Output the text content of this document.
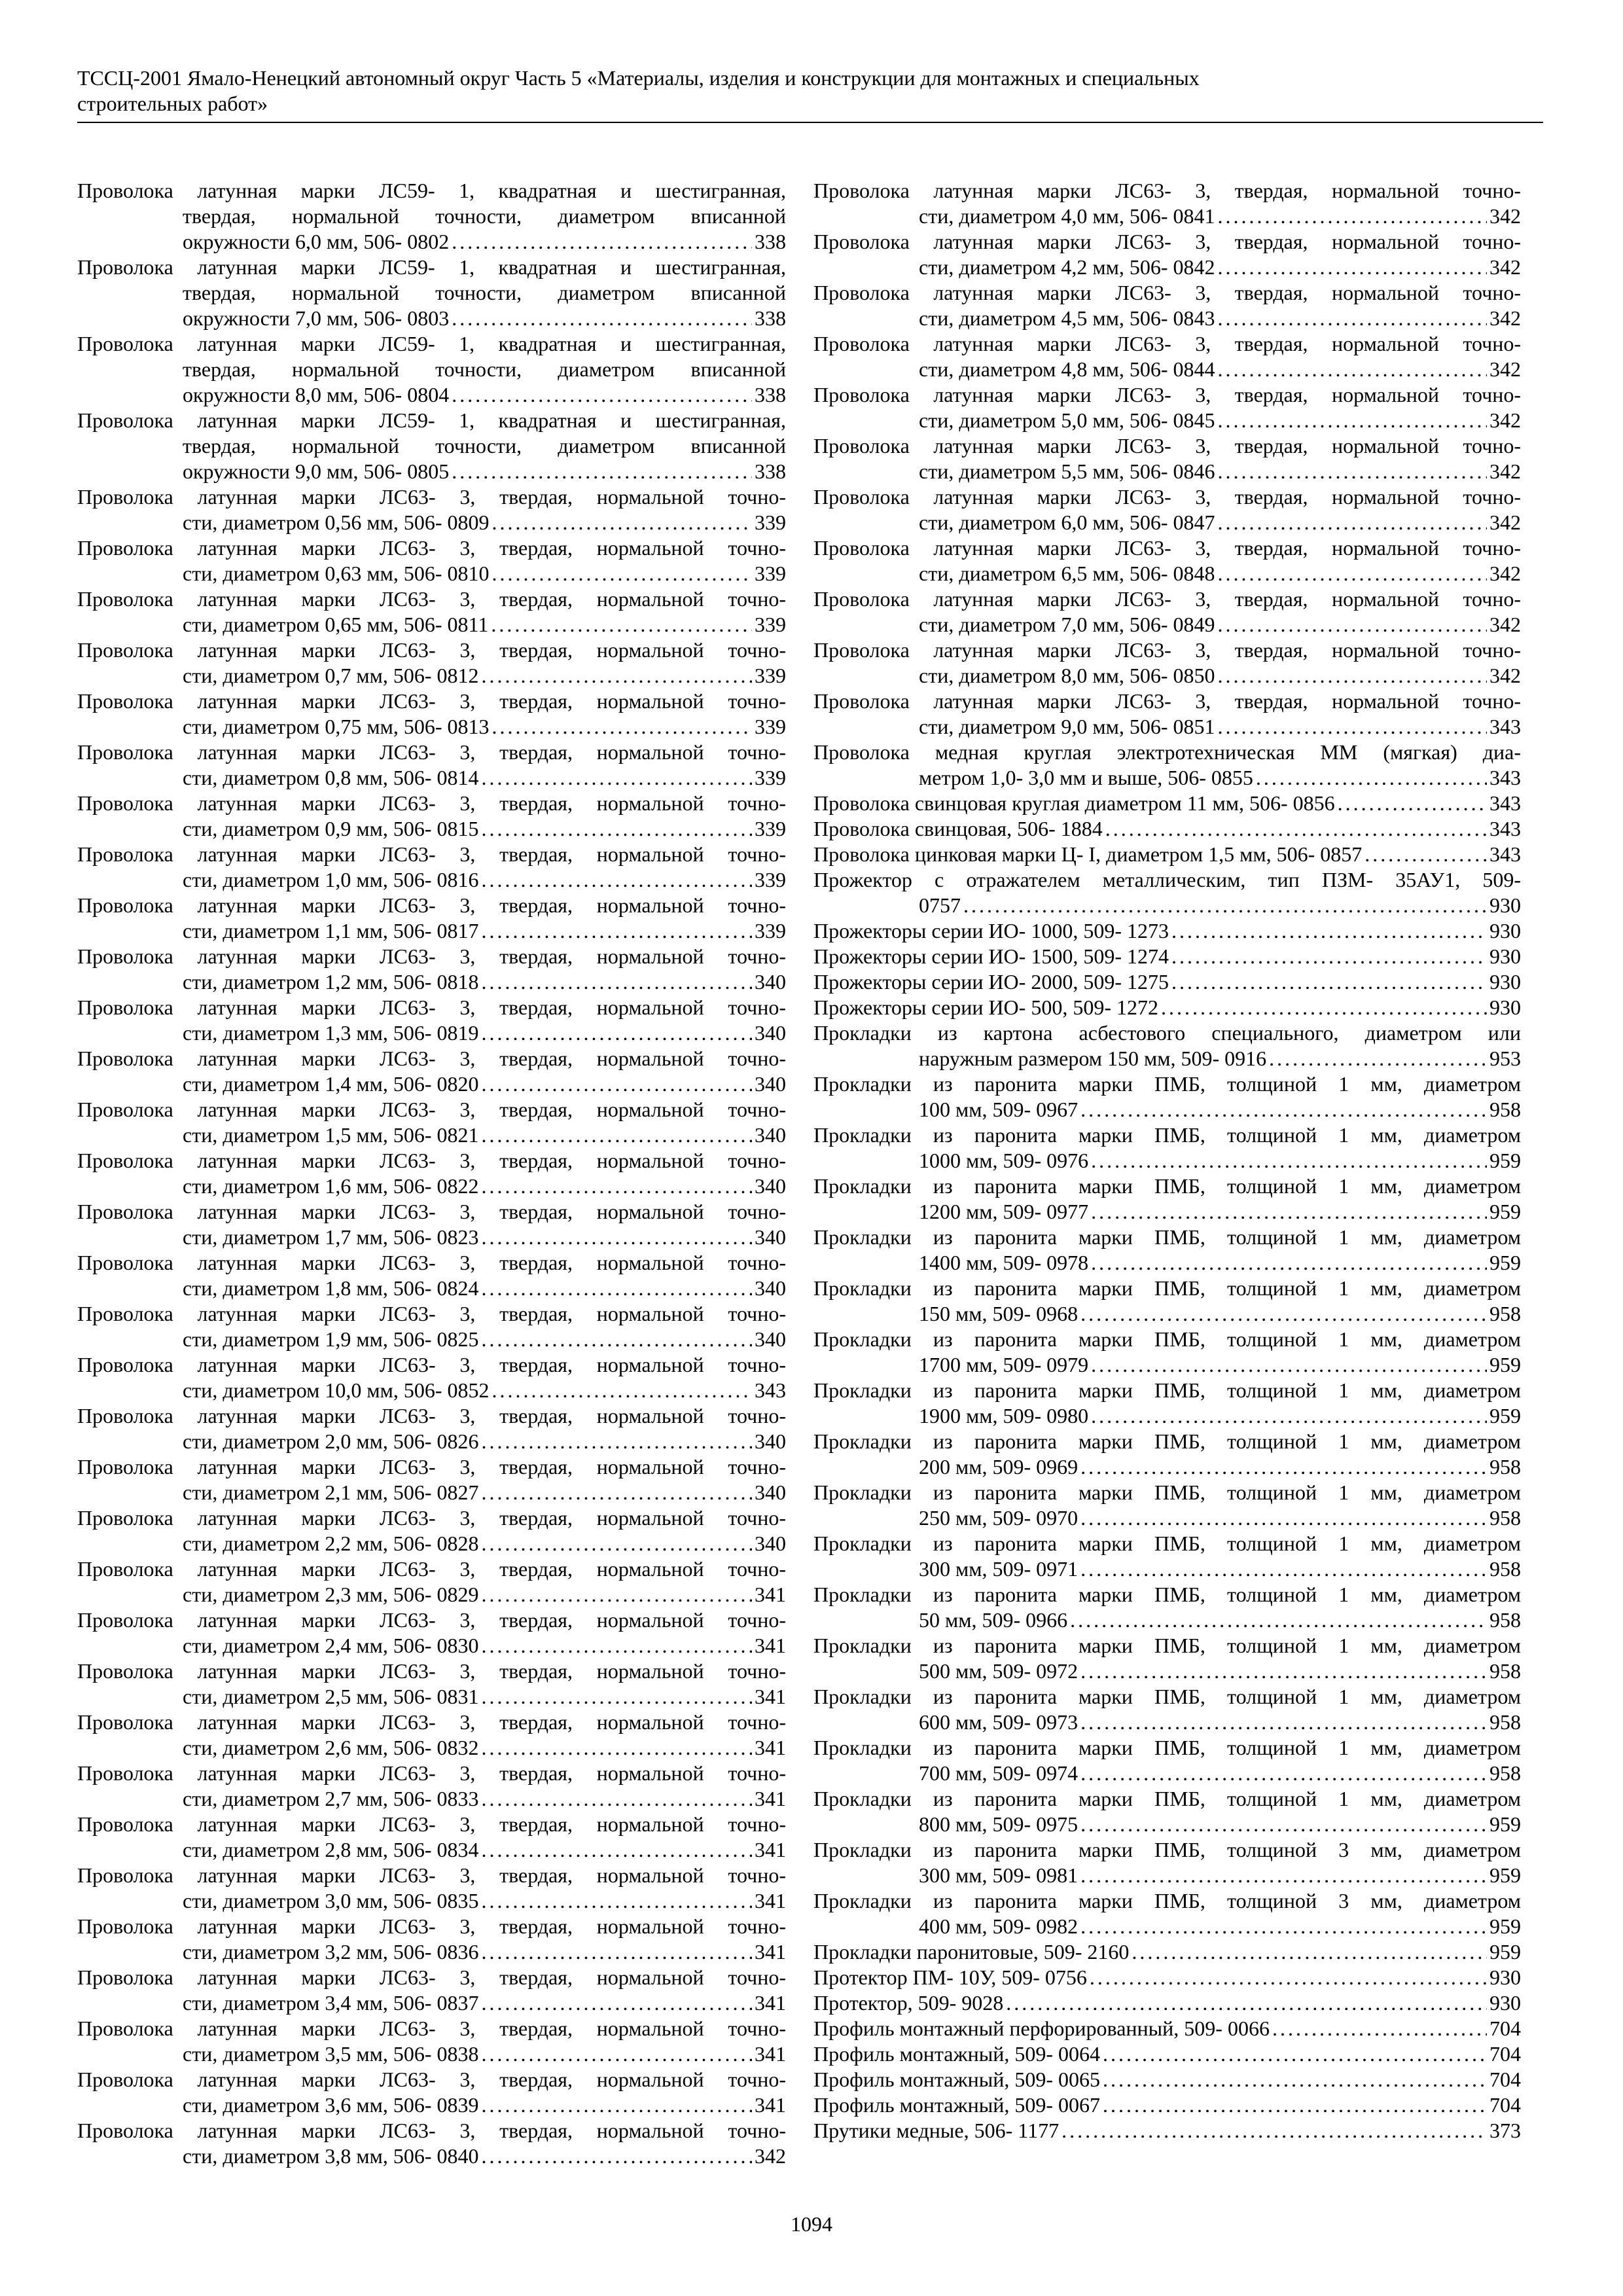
ТССЦ-2001 Ямало-Ненецкий автономный округ Часть 5 «Материалы, изделия и конструкции для монтажных и специальных
строительных работ»
Проволока латунная марки ЛС59- 1, квадратная и шестигранная,
твердая, нормальной точности, диаметром вписанной
окружности 6,0 мм, 506- 0802 . . .	338
Проволока латунная марки ЛС59- 1, квадратная и шестигранная,
твердая, нормальной точности, диаметром вписанной
окружности 7,0 мм, 506- 0803 . . .	338
Проволока латунная марки ЛС59- 1, квадратная и шестигранная,
твердая, нормальной точности, диаметром вписанной
окружности 8,0 мм, 506- 0804 . . .	338
Проволока латунная марки ЛС59- 1, квадратная и шестигранная,
твердая, нормальной точности, диаметром вписанной
окружности 9,0 мм, 506- 0805 . . .	338
Проволока латунная марки ЛС63- 3, твердая, нормальной точно-
сти, диаметром 0,56 мм, 506- 0809 . . .	339
Проволока латунная марки ЛС63- 3, твердая, нормальной точно-
сти, диаметром 0,63 мм, 506- 0810 . . .	339
Проволока латунная марки ЛС63- 3, твердая, нормальной точно-
сти, диаметром 0,65 мм, 506- 0811 . . .	339
Проволока латунная марки ЛС63- 3, твердая, нормальной точно-
сти, диаметром 0,7 мм, 506- 0812 . . .	339
Проволока латунная марки ЛС63- 3, твердая, нормальной точно-
сти, диаметром 0,75 мм, 506- 0813 . . .	339
Проволока латунная марки ЛС63- 3, твердая, нормальной точно-
сти, диаметром 0,8 мм, 506- 0814 . . .	339
Проволока латунная марки ЛС63- 3, твердая, нормальной точно-
сти, диаметром 0,9 мм, 506- 0815 . . .	339
Проволока латунная марки ЛС63- 3, твердая, нормальной точно-
сти, диаметром 1,0 мм, 506- 0816 . . .	339
Проволока латунная марки ЛС63- 3, твердая, нормальной точно-
сти, диаметром 1,1 мм, 506- 0817 . . .	339
Проволока латунная марки ЛС63- 3, твердая, нормальной точно-
сти, диаметром 1,2 мм, 506- 0818 . . .	340
Проволока латунная марки ЛС63- 3, твердая, нормальной точно-
сти, диаметром 1,3 мм, 506- 0819 . . .	340
Проволока латунная марки ЛС63- 3, твердая, нормальной точно-
сти, диаметром 1,4 мм, 506- 0820 . . .	340
Проволока латунная марки ЛС63- 3, твердая, нормальной точно-
сти, диаметром 1,5 мм, 506- 0821 . . .	340
Проволока латунная марки ЛС63- 3, твердая, нормальной точно-
сти, диаметром 1,6 мм, 506- 0822 . . .	340
Проволока латунная марки ЛС63- 3, твердая, нормальной точно-
сти, диаметром 1,7 мм, 506- 0823 . . .	340
Проволока латунная марки ЛС63- 3, твердая, нормальной точно-
сти, диаметром 1,8 мм, 506- 0824 . . .	340
Проволока латунная марки ЛС63- 3, твердая, нормальной точно-
сти, диаметром 1,9 мм, 506- 0825 . . .	340
Проволока латунная марки ЛС63- 3, твердая, нормальной точно-
сти, диаметром 10,0 мм, 506- 0852 . . .	343
Проволока латунная марки ЛС63- 3, твердая, нормальной точно-
сти, диаметром 2,0 мм, 506- 0826 . . .	340
Проволока латунная марки ЛС63- 3, твердая, нормальной точно-
сти, диаметром 2,1 мм, 506- 0827 . . .	340
Проволока латунная марки ЛС63- 3, твердая, нормальной точно-
сти, диаметром 2,2 мм, 506- 0828 . . .	340
Проволока латунная марки ЛС63- 3, твердая, нормальной точно-
сти, диаметром 2,3 мм, 506- 0829 . . .	341
Проволока латунная марки ЛС63- 3, твердая, нормальной точно-
сти, диаметром 2,4 мм, 506- 0830 . . .	341
Проволока латунная марки ЛС63- 3, твердая, нормальной точно-
сти, диаметром 2,5 мм, 506- 0831 . . .	341
Проволока латунная марки ЛС63- 3, твердая, нормальной точно-
сти, диаметром 2,6 мм, 506- 0832 . . .	341
Проволока латунная марки ЛС63- 3, твердая, нормальной точно-
сти, диаметром 2,7 мм, 506- 0833 . . .	341
Проволока латунная марки ЛС63- 3, твердая, нормальной точно-
сти, диаметром 2,8 мм, 506- 0834 . . .	341
Проволока латунная марки ЛС63- 3, твердая, нормальной точно-
сти, диаметром 3,0 мм, 506- 0835 . . .	341
Проволока латунная марки ЛС63- 3, твердая, нормальной точно-
сти, диаметром 3,2 мм, 506- 0836 . . .	341
Проволока латунная марки ЛС63- 3, твердая, нормальной точно-
сти, диаметром 3,4 мм, 506- 0837 . . .	341
Проволока латунная марки ЛС63- 3, твердая, нормальной точно-
сти, диаметром 3,5 мм, 506- 0838 . . .	341
Проволока латунная марки ЛС63- 3, твердая, нормальной точно-
сти, диаметром 3,6 мм, 506- 0839 . . .	341
Проволока латунная марки ЛС63- 3, твердая, нормальной точно-
сти, диаметром 3,8 мм, 506- 0840 . . .	342
Проволока латунная марки ЛС63- 3, твердая, нормальной точно-
сти, диаметром 4,0 мм, 506- 0841 . . .	342
Проволока латунная марки ЛС63- 3, твердая, нормальной точно-
сти, диаметром 4,2 мм, 506- 0842 . . .	342
Проволока латунная марки ЛС63- 3, твердая, нормальной точно-
сти, диаметром 4,5 мм, 506- 0843 . . .	342
Проволока латунная марки ЛС63- 3, твердая, нормальной точно-
сти, диаметром 4,8 мм, 506- 0844 . . .	342
Проволока латунная марки ЛС63- 3, твердая, нормальной точно-
сти, диаметром 5,0 мм, 506- 0845 . . .	342
Проволока латунная марки ЛС63- 3, твердая, нормальной точно-
сти, диаметром 5,5 мм, 506- 0846 . . .	342
Проволока латунная марки ЛС63- 3, твердая, нормальной точно-
сти, диаметром 6,0 мм, 506- 0847 . . .	342
Проволока латунная марки ЛС63- 3, твердая, нормальной точно-
сти, диаметром 6,5 мм, 506- 0848 . . .	342
Проволока латунная марки ЛС63- 3, твердая, нормальной точно-
сти, диаметром 7,0 мм, 506- 0849 . . .	342
Проволока латунная марки ЛС63- 3, твердая, нормальной точно-
сти, диаметром 8,0 мм, 506- 0850 . . .	342
Проволока латунная марки ЛС63- 3, твердая, нормальной точно-
сти, диаметром 9,0 мм, 506- 0851 . . .	343
Проволока медная круглая электротехническая ММ (мягкая) диа-
метром 1,0- 3,0 мм и выше, 506- 0855 . . .	343
Проволока свинцовая круглая диаметром 11 мм, 506- 0856 . . .	343
Проволока свинцовая, 506- 1884 . . .	343
Проволока цинковая марки Ц- I, диаметром 1,5 мм, 506- 0857 . . .	343
Прожектор с отражателем металлическим, тип ПЗМ- 35АУ1, 509-
0757 . . .	930
Прожекторы серии ИО- 1000, 509- 1273 . . .	930
Прожекторы серии ИО- 1500, 509- 1274 . . .	930
Прожекторы серии ИО- 2000, 509- 1275 . . .	930
Прожекторы серии ИО- 500, 509- 1272 . . .	930
Прокладки из картона асбестового специального, диаметром или
наружным размером 150 мм, 509- 0916 . . .	953
Прокладки из паронита марки ПМБ, толщиной 1 мм, диаметром
100 мм, 509- 0967 . . .	958
Прокладки из паронита марки ПМБ, толщиной 1 мм, диаметром
1000 мм, 509- 0976 . . .	959
Прокладки из паронита марки ПМБ, толщиной 1 мм, диаметром
1200 мм, 509- 0977 . . .	959
Прокладки из паронита марки ПМБ, толщиной 1 мм, диаметром
1400 мм, 509- 0978 . . .	959
Прокладки из паронита марки ПМБ, толщиной 1 мм, диаметром
150 мм, 509- 0968 . . .	958
Прокладки из паронита марки ПМБ, толщиной 1 мм, диаметром
1700 мм, 509- 0979 . . .	959
Прокладки из паронита марки ПМБ, толщиной 1 мм, диаметром
1900 мм, 509- 0980 . . .	959
Прокладки из паронита марки ПМБ, толщиной 1 мм, диаметром
200 мм, 509- 0969 . . .	958
Прокладки из паронита марки ПМБ, толщиной 1 мм, диаметром
250 мм, 509- 0970 . . .	958
Прокладки из паронита марки ПМБ, толщиной 1 мм, диаметром
300 мм, 509- 0971 . . .	958
Прокладки из паронита марки ПМБ, толщиной 1 мм, диаметром
50 мм, 509- 0966 . . .	958
Прокладки из паронита марки ПМБ, толщиной 1 мм, диаметром
500 мм, 509- 0972 . . .	958
Прокладки из паронита марки ПМБ, толщиной 1 мм, диаметром
600 мм, 509- 0973 . . .	958
Прокладки из паронита марки ПМБ, толщиной 1 мм, диаметром
700 мм, 509- 0974 . . .	958
Прокладки из паронита марки ПМБ, толщиной 1 мм, диаметром
800 мм, 509- 0975 . . .	959
Прокладки из паронита марки ПМБ, толщиной 3 мм, диаметром
300 мм, 509- 0981 . . .	959
Прокладки из паронита марки ПМБ, толщиной 3 мм, диаметром
400 мм, 509- 0982 . . .	959
Прокладки паронитовые, 509- 2160 . . .	959
Протектор ПМ- 10У, 509- 0756 . . .	930
Протектор, 509- 9028 . . .	930
Профиль монтажный перфорированный, 509- 0066 . . .	704
Профиль монтажный, 509- 0064 . . .	704
Профиль монтажный, 509- 0065 . . .	704
Профиль монтажный, 509- 0067 . . .	704
Прутики медные, 506- 1177 . . .	373
1094
